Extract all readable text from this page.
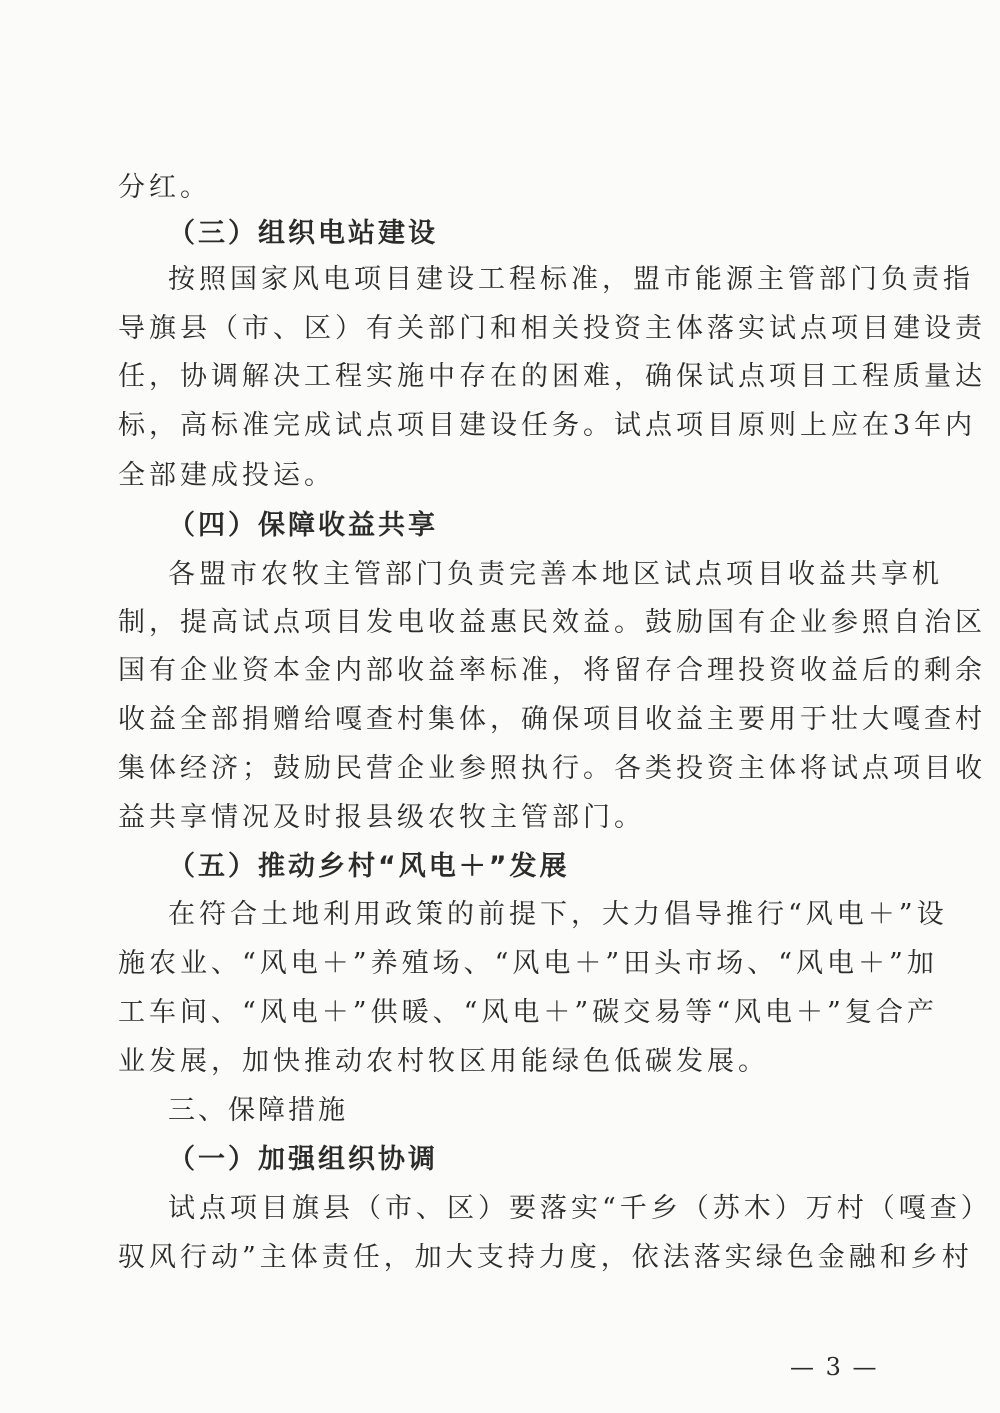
分红。
（三）组织电站建设
按照国家风电项目建设工程标准，盟市能源主管部门负责指
导旗县（市、区）有关部门和相关投资主体落实试点项目建设责
任，协调解决工程实施中存在的困难，确保试点项目工程质量达
标，高标准完成试点项目建设任务。试点项目原则上应在3年内
全部建成投运。
（四）保障收益共享
各盟市农牧主管部门负责完善本地区试点项目收益共享机
制，提高试点项目发电收益惠民效益。鼓励国有企业参照自治区
国有企业资本金内部收益率标准，将留存合理投资收益后的剩余
收益全部捐赠给嘎查村集体，确保项目收益主要用于壮大嘎查村
集体经济；鼓励民营企业参照执行。各类投资主体将试点项目收
益共享情况及时报县级农牧主管部门。
（五）推动乡村“风电＋”发展
在符合土地利用政策的前提下，大力倡导推行“风电＋”设
施农业、“风电＋”养殖场、“风电＋”田头市场、“风电＋”加
工车间、“风电＋”供暖、“风电＋”碳交易等“风电＋”复合产
业发展，加快推动农村牧区用能绿色低碳发展。
三、保障措施
（一）加强组织协调
试点项目旗县（市、区）要落实“千乡（苏木）万村（嘎查）
驭风行动”主体责任，加大支持力度，依法落实绿色金融和乡村
— 3 —
